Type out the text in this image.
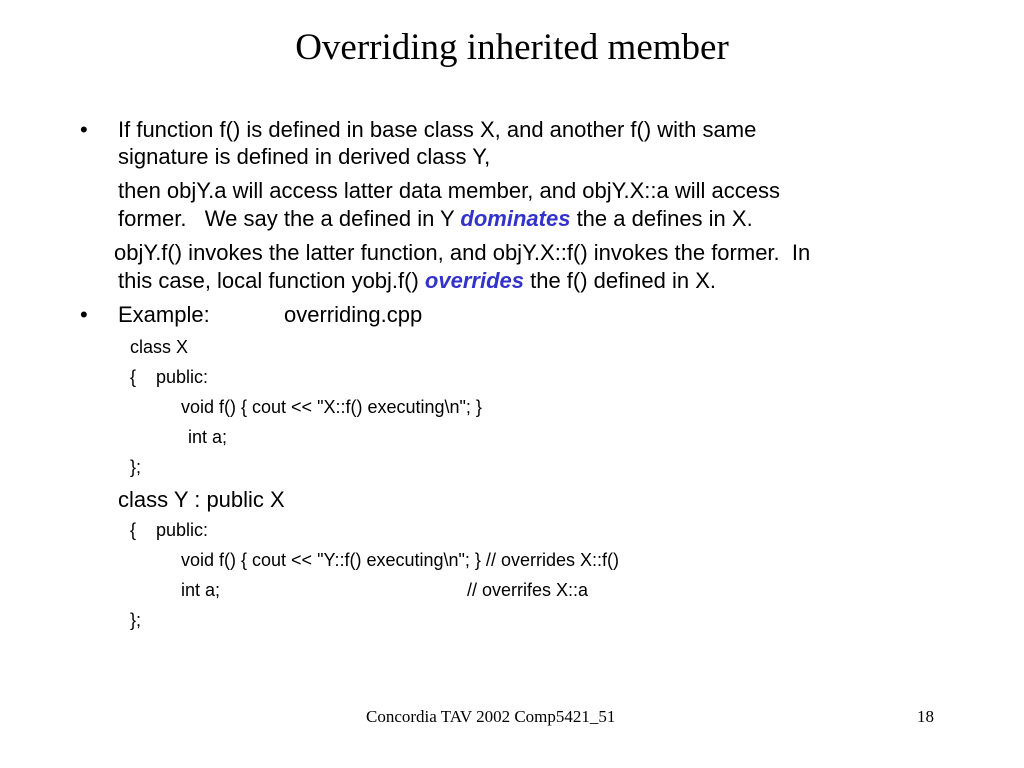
Overriding inherited member
• If function f() is defined in base class X, and another f() with same
signature is defined in derived class Y,
then objY.a will access latter data member, and objY.X::a will access
former.   We say the a defined in Y dominates the a defines in X.
objY.f() invokes the latter function, and objY.X::f() invokes the former.  In
this case, local function yobj.f() overrides the f() defined in X.
• Example:	overriding.cpp
class X
{    public:
void f() { cout << "X::f() executing\n"; }
int a;
};
class Y : public X
{    public:
void f() { cout << "Y::f() executing\n"; } // overrides X::f()
int a;	// overrifes X::a
};
Concordia TAV 2002 Comp5421_51	18
